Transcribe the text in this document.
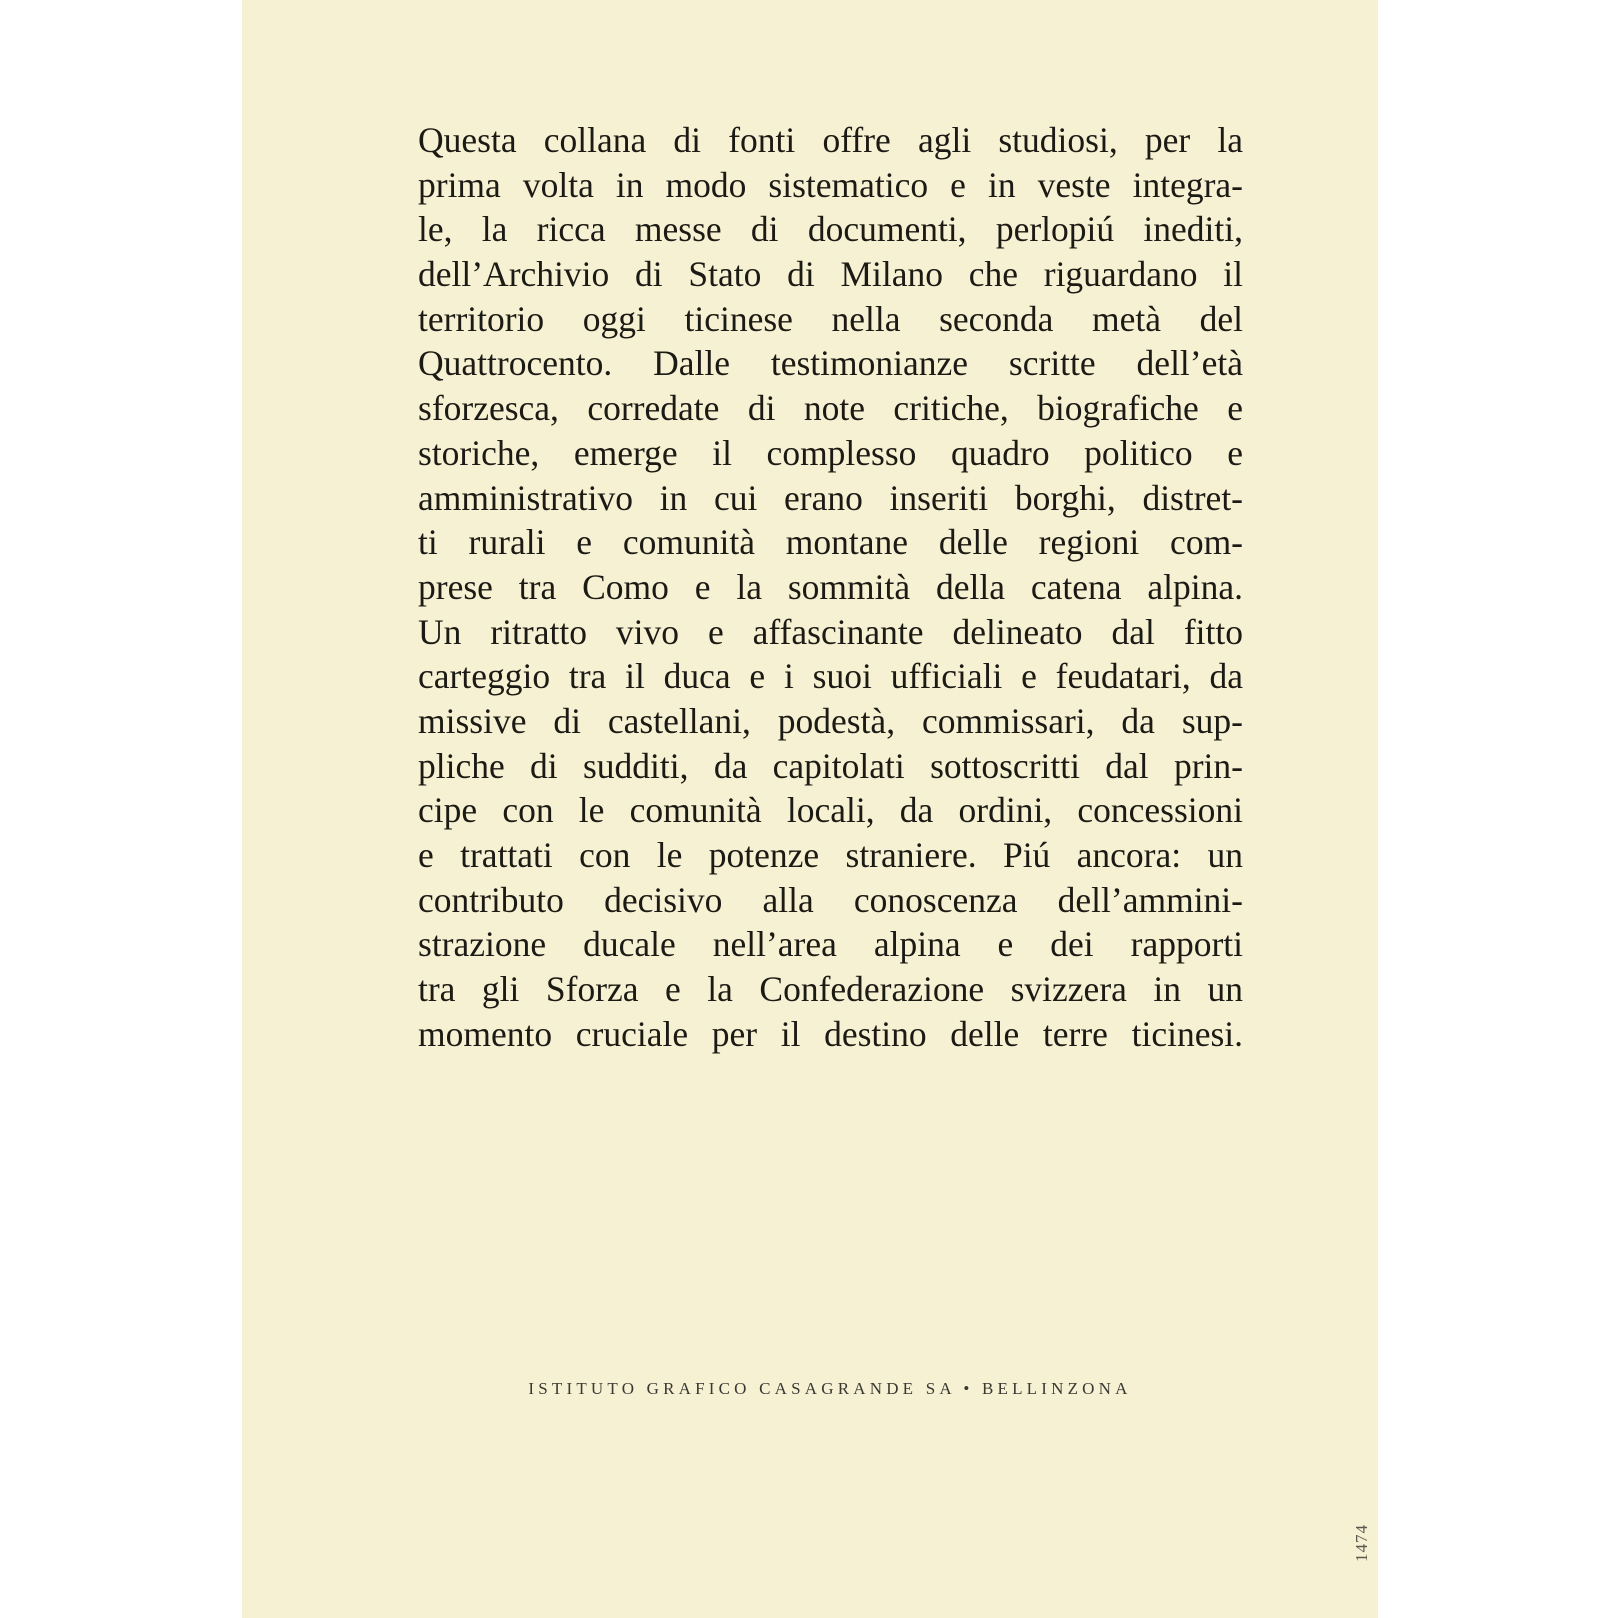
Questa collana di fonti offre agli studiosi, per la
prima volta in modo sistematico e in veste integra-
le, la ricca messe di documenti, perlopiú inediti,
dell’Archivio di Stato di Milano che riguardano il
territorio oggi ticinese nella seconda metà del
Quattrocento. Dalle testimonianze scritte dell’età
sforzesca, corredate di note critiche, biografiche e
storiche, emerge il complesso quadro politico e
amministrativo in cui erano inseriti borghi, distret-
ti rurali e comunità montane delle regioni com-
prese tra Como e la sommità della catena alpina.
Un ritratto vivo e affascinante delineato dal fitto
carteggio tra il duca e i suoi ufficiali e feudatari, da
missive di castellani, podestà, commissari, da sup-
pliche di sudditi, da capitolati sottoscritti dal prin-
cipe con le comunità locali, da ordini, concessioni
e trattati con le potenze straniere. Piú ancora: un
contributo decisivo alla conoscenza dell’ammini-
strazione ducale nell’area alpina e dei rapporti
tra gli Sforza e la Confederazione svizzera in un
momento cruciale per il destino delle terre ticinesi.
ISTITUTO GRAFICO CASAGRANDE SA • BELLINZONA
1474
